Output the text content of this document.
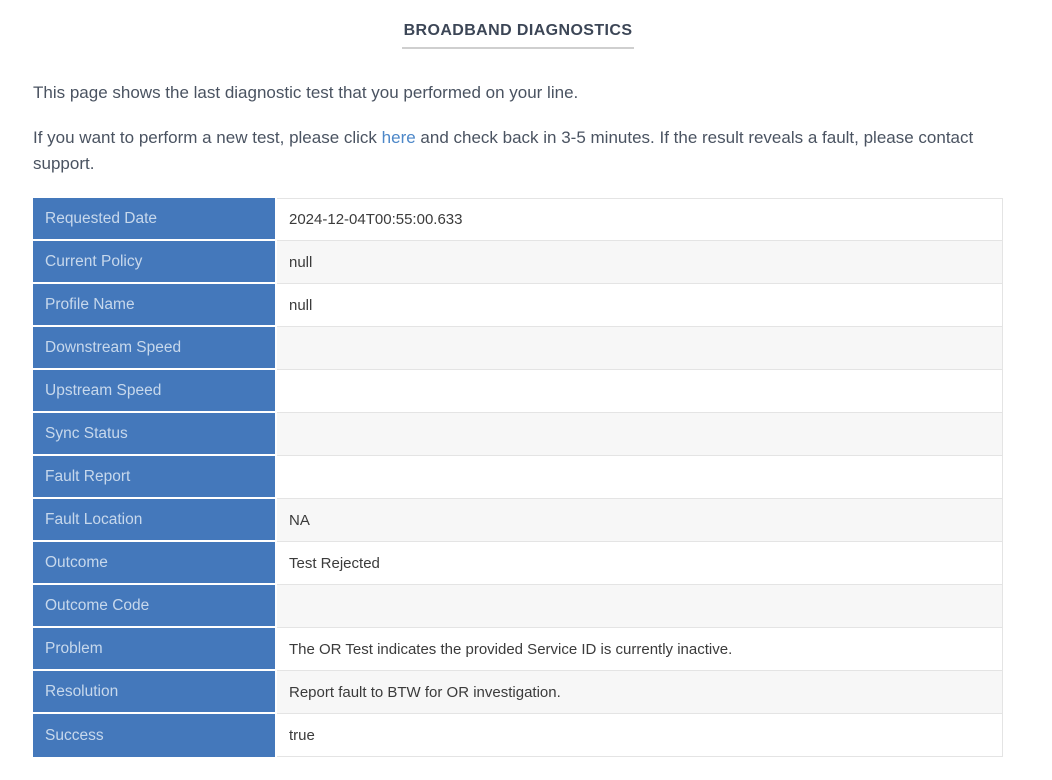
BROADBAND DIAGNOSTICS

This page shows the last diagnostic test that you performed on your line.

If you want to perform a new test, please click here and check back in 3-5 minutes. If the result reveals a fault, please contact support.

Requested Date	2024-12-04T00:55:00.633
Current Policy	null
Profile Name	null
Downstream Speed
Upstream Speed
Sync Status
Fault Report
Fault Location	NA
Outcome	Test Rejected
Outcome Code
Problem	The OR Test indicates the provided Service ID is currently inactive.
Resolution	Report fault to BTW for OR investigation.
Success	true
